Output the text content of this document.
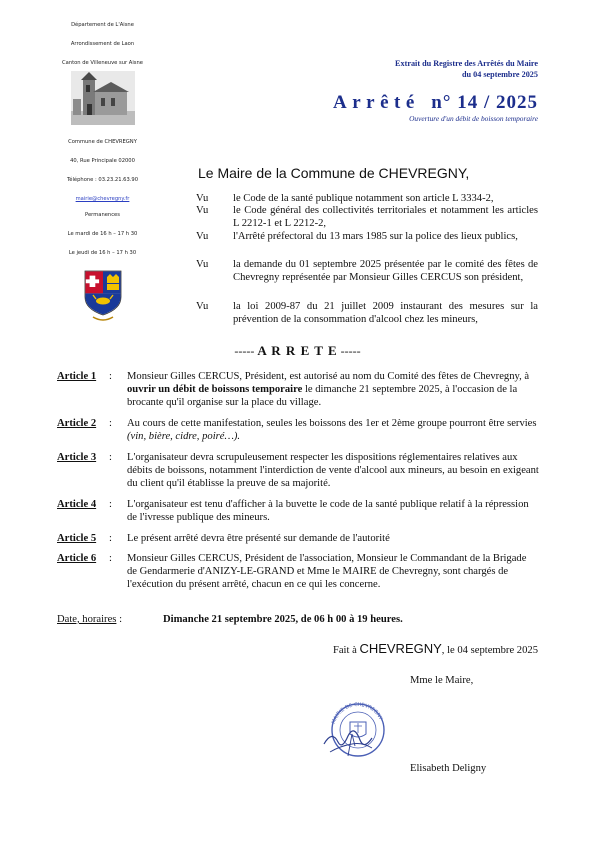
Département de L'Aisne
Arrondissement de Laon
Canton de Villeneuve sur Aisne
Commune de CHEVREGNY
40, Rue Principale 02000
Téléphone : 03.23.21.63.90
mairie@chevregny.fr
Permanences
Le mardi de 16 h – 17 h 30
Le jeudi de 16 h – 17 h 30
Extrait du Registre des Arrêtés du Maire
du 04 septembre 2025
Arrêté n° 14 / 2025
Ouverture d'un débit de boisson temporaire
Le Maire de la Commune de CHEVREGNY,
Vu le Code de la santé publique notamment son article L 3334-2,
Vu le Code général des collectivités territoriales et notamment les articles L 2212-1 et L 2212-2,
Vu l'Arrêté préfectoral du 13 mars 1985 sur la police des lieux publics,
Vu la demande du 01 septembre 2025 présentée par le comité des fêtes de Chevregny représentée par Monsieur Gilles CERCUS son président,
Vu la loi 2009-87 du 21 juillet 2009 instaurant des mesures sur la prévention de la consommation d'alcool chez les mineurs,
----- A R R E T E -----
Article 1 : Monsieur Gilles CERCUS, Président, est autorisé au nom du Comité des fêtes de Chevregny, à ouvrir un débit de boissons temporaire le dimanche 21 septembre 2025, à l'occasion de la brocante qu'il organise sur la place du village.
Article 2 : Au cours de cette manifestation, seules les boissons des 1er et 2ème groupe pourront être servies (vin, bière, cidre, poiré…).
Article 3 : L'organisateur devra scrupuleusement respecter les dispositions réglementaires relatives aux débits de boissons, notamment l'interdiction de vente d'alcool aux mineurs, au besoin en exigeant du client qu'il établisse la preuve de sa majorité.
Article 4 : L'organisateur est tenu d'afficher à la buvette le code de la santé publique relatif à la répression de l'ivresse publique des mineurs.
Article 5 : Le présent arrêté devra être présenté sur demande de l'autorité
Article 6 : Monsieur Gilles CERCUS, Président de l'association, Monsieur le Commandant de la Brigade de Gendarmerie d'ANIZY-LE-GRAND et Mme le MAIRE de Chevregny, sont chargés de l'exécution du présent arrêté, chacun en ce qui les concerne.
Date, horaires :	Dimanche 21 septembre 2025, de 06 h 00 à 19 heures.
Fait à CHEVREGNY, le 04 septembre 2025
Mme le Maire,
MAIRIE DE CHEVREGNY
Elisabeth Deligny
